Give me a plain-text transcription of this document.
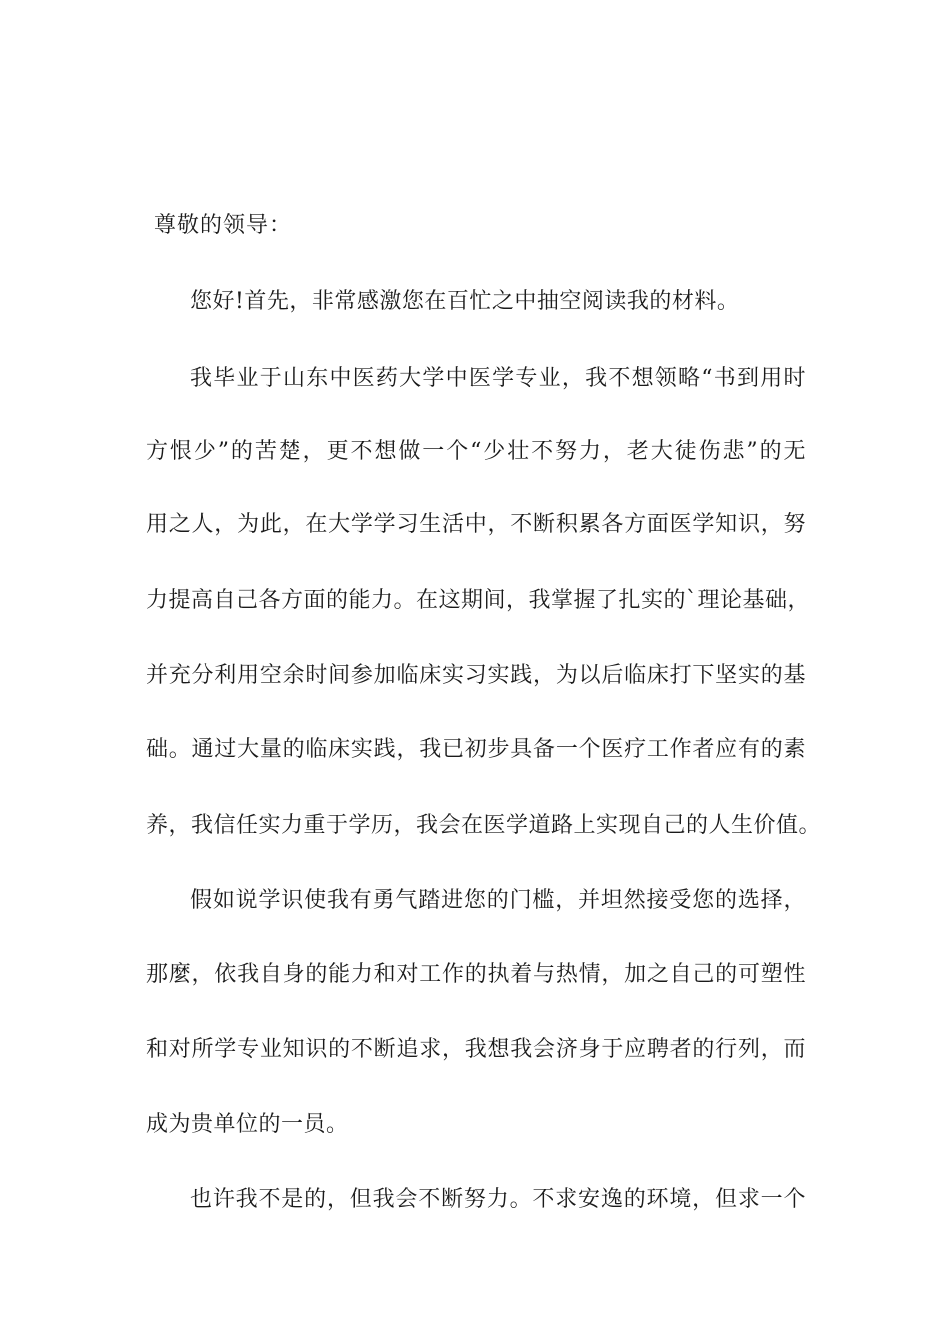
尊敬的领导：
您好!首先，非常感激您在百忙之中抽空阅读我的材料。
我毕业于山东中医药大学中医学专业，我不想领略“书到用时
方恨少”的苦楚，更不想做一个“少壮不努力，老大徒伤悲”的无
用之人，为此，在大学学习生活中，不断积累各方面医学知识，努
力提高自己各方面的能力。在这期间，我掌握了扎实的`理论基础，
并充分利用空余时间参加临床实习实践，为以后临床打下坚实的基
础。通过大量的临床实践，我已初步具备一个医疗工作者应有的素
养，我信任实力重于学历，我会在医学道路上实现自己的人生价值。
假如说学识使我有勇气踏进您的门槛，并坦然接受您的选择，
那麼，依我自身的能力和对工作的执着与热情，加之自己的可塑性
和对所学专业知识的不断追求，我想我会济身于应聘者的行列，而
成为贵单位的一员。
也许我不是的，但我会不断努力。不求安逸的环境，但求一个
